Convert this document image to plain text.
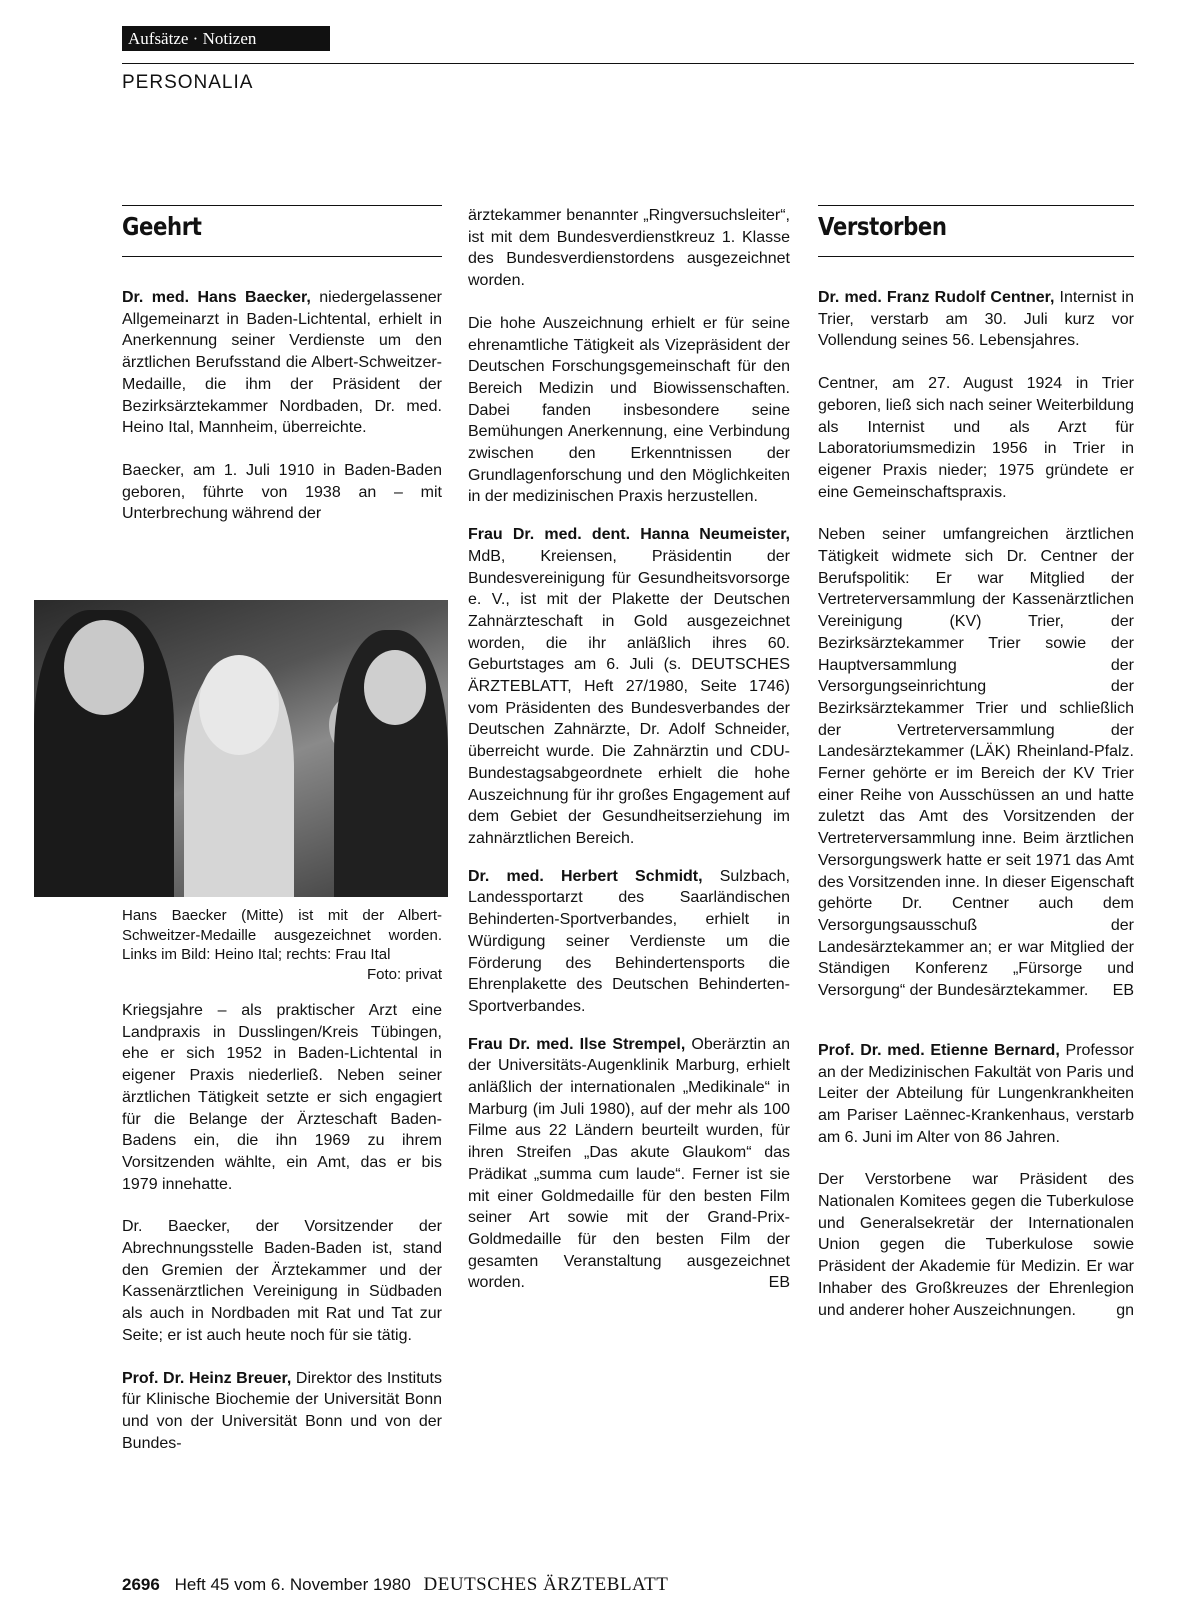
Aufsätze · Notizen
PERSONALIA
Geehrt

Dr. med. Hans Baecker, niedergelassener Allgemeinarzt in Baden-Lichtental, erhielt in Anerkennung seiner Verdienste um den ärztlichen Berufsstand die Albert-Schweitzer-Medaille, die ihm der Präsident der Bezirksärztekammer Nordbaden, Dr. med. Heino Ital, Mannheim, überreichte.

Baecker, am 1. Juli 1910 in Baden-Baden geboren, führte von 1938 an – mit Unterbrechung während der

Hans Baecker (Mitte) ist mit der Albert-Schweitzer-Medaille ausgezeichnet worden. Links im Bild: Heino Ital; rechts: Frau Ital
Foto: privat

Kriegsjahre – als praktischer Arzt eine Landpraxis in Dusslingen/Kreis Tübingen, ehe er sich 1952 in Baden-Lichtental in eigener Praxis niederließ. Neben seiner ärztlichen Tätigkeit setzte er sich engagiert für die Belange der Ärzteschaft Baden-Badens ein, die ihn 1969 zu ihrem Vorsitzenden wählte, ein Amt, das er bis 1979 innehatte.

Dr. Baecker, der Vorsitzender der Abrechnungsstelle Baden-Baden ist, stand den Gremien der Ärztekammer und der Kassenärztlichen Vereinigung in Südbaden als auch in Nordbaden mit Rat und Tat zur Seite; er ist auch heute noch für sie tätig.

Prof. Dr. Heinz Breuer, Direktor des Instituts für Klinische Biochemie der Universität Bonn und von der Universität Bonn und von der Bundes-

ärztekammer benannter „Ringversuchsleiter“, ist mit dem Bundesverdienstkreuz 1. Klasse des Bundesverdienstordens ausgezeichnet worden.

Die hohe Auszeichnung erhielt er für seine ehrenamtliche Tätigkeit als Vizepräsident der Deutschen Forschungsgemeinschaft für den Bereich Medizin und Biowissenschaften. Dabei fanden insbesondere seine Bemühungen Anerkennung, eine Verbindung zwischen den Erkenntnissen der Grundlagenforschung und den Möglichkeiten in der medizinischen Praxis herzustellen.

Frau Dr. med. dent. Hanna Neumeister, MdB, Kreiensen, Präsidentin der Bundesvereinigung für Gesundheitsvorsorge e. V., ist mit der Plakette der Deutschen Zahnärzteschaft in Gold ausgezeichnet worden, die ihr anläßlich ihres 60. Geburtstages am 6. Juli (s. DEUTSCHES ÄRZTEBLATT, Heft 27/1980, Seite 1746) vom Präsidenten des Bundesverbandes der Deutschen Zahnärzte, Dr. Adolf Schneider, überreicht wurde. Die Zahnärztin und CDU-Bundestagsabgeordnete erhielt die hohe Auszeichnung für ihr großes Engagement auf dem Gebiet der Gesundheitserziehung im zahnärztlichen Bereich.

Dr. med. Herbert Schmidt, Sulzbach, Landessportarzt des Saarländischen Behinderten-Sportverbandes, erhielt in Würdigung seiner Verdienste um die Förderung des Behindertensports die Ehrenplakette des Deutschen Behinderten-Sportverbandes.

Frau Dr. med. Ilse Strempel, Oberärztin an der Universitäts-Augenklinik Marburg, erhielt anläßlich der internationalen „Medikinale“ in Marburg (im Juli 1980), auf der mehr als 100 Filme aus 22 Ländern beurteilt wurden, für ihren Streifen „Das akute Glaukom“ das Prädikat „summa cum laude“. Ferner ist sie mit einer Goldmedaille für den besten Film seiner Art sowie mit der Grand-Prix-Goldmedaille für den besten Film der gesamten Veranstaltung ausgezeichnet worden.	EB

Verstorben

Dr. med. Franz Rudolf Centner, Internist in Trier, verstarb am 30. Juli kurz vor Vollendung seines 56. Lebensjahres.

Centner, am 27. August 1924 in Trier geboren, ließ sich nach seiner Weiterbildung als Internist und als Arzt für Laboratoriumsmedizin 1956 in Trier in eigener Praxis nieder; 1975 gründete er eine Gemeinschaftspraxis.

Neben seiner umfangreichen ärztlichen Tätigkeit widmete sich Dr. Centner der Berufspolitik: Er war Mitglied der Vertreterversammlung der Kassenärztlichen Vereinigung (KV) Trier, der Bezirksärztekammer Trier sowie der Hauptversammlung der Versorgungseinrichtung der Bezirksärztekammer Trier und schließlich der Vertreterversammlung der Landesärztekammer (LÄK) Rheinland-Pfalz. Ferner gehörte er im Bereich der KV Trier einer Reihe von Ausschüssen an und hatte zuletzt das Amt des Vorsitzenden der Vertreterversammlung inne. Beim ärztlichen Versorgungswerk hatte er seit 1971 das Amt des Vorsitzenden inne. In dieser Eigenschaft gehörte Dr. Centner auch dem Versorgungsausschuß der Landesärztekammer an; er war Mitglied der Ständigen Konferenz „Fürsorge und Versorgung“ der Bundesärztekammer. EB

Prof. Dr. med. Etienne Bernard, Professor an der Medizinischen Fakultät von Paris und Leiter der Abteilung für Lungenkrankheiten am Pariser Laënnec-Krankenhaus, verstarb am 6. Juni im Alter von 86 Jahren.

Der Verstorbene war Präsident des Nationalen Komitees gegen die Tuberkulose und Generalsekretär der Internationalen Union gegen die Tuberkulose sowie Präsident der Akademie für Medizin. Er war Inhaber des Großkreuzes der Ehrenlegion und anderer hoher Auszeichnungen.	gn

2696 Heft 45 vom 6. November 1980 DEUTSCHES ÄRZTEBLATT
